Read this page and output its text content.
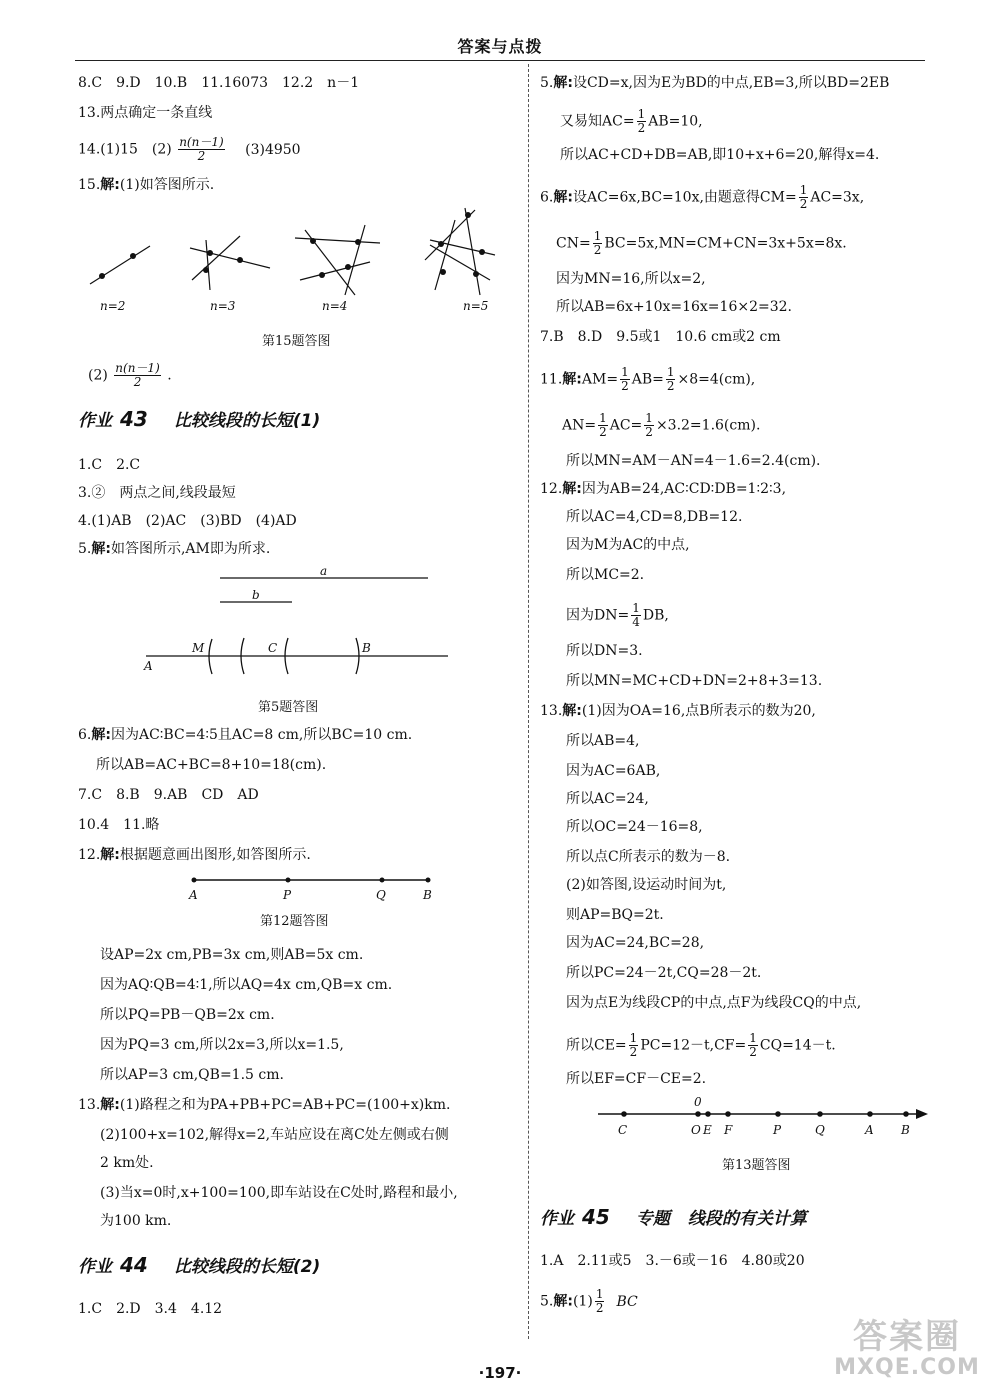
答案与点拨
8.C　9.D　10.B　11.16073　12.2　n－1
13.两点确定一条直线
14.(1)15　$(2) \frac{n(n-1)}{2} (3)4950$
15.解:(1)如答图所示.
n=2	n=3	n=4	n=5
第15题答图
$(2) \frac{n(n-1)}{2}$ .
作业 43 比较线段的长短(1)
1.C　2.C
3.②　两点之间,线段最短
4.(1)AB　(2)AC　(3)BD　(4)AD
5.解:如答图所示,AM即为所求.
a
b
A
M	C	B
第5题答图
6.解:因为AC∶BC=4∶5且AC=8 cm,所以BC=10 cm.
所以AB=AC+BC=8+10=18(cm).
7.C　8.B　9.AB　CD　AD
10.4　11.略
12.解:根据题意画出图形,如答图所示.
A	P	Q	B
第12题答图
设AP=2x cm,PB=3x cm,则AB=5x cm.
因为AQ∶QB=4∶1,所以AQ=4x cm,QB=x cm.
所以PQ=PB－QB=2x cm.
因为PQ=3 cm,所以2x=3,所以x=1.5,
所以AP=3 cm,QB=1.5 cm.
13.解:(1)路程之和为PA+PB+PC=AB+PC=(100+x)km.
(2)100+x=102,解得x=2,车站应设在离C处左侧或右侧
2 km处.
(3)当x=0时,x+100=100,即车站设在C处时,路程和最小,
为100 km.
作业 44 比较线段的长短(2)
1.C　2.D　3.4　4.12
5.解:设CD=x,因为E为BD的中点,EB=3,所以BD=2EB
又易知$AC= \frac{1}{2} AB=10$,
所以AC+CD+DB=AB,即10+x+6=20,解得x=4.
6.解:设AC=6x,BC=10x,由题意得$CM= \frac{1}{2} AC=3x$,
$CN= \frac{1}{2} BC=5x,MN=CM+CN=3x+5x=8x$.
因为MN=16,所以x=2,
所以AB=6x+10x=16x=16×2=32.
7.B　8.D　9.5或1　10.6 cm或2 cm
11.解:AM= $\frac{1}{2} AB= \frac{1}{2} \times 8=4(cm)$,
$AN= \frac{1}{2} AC= \frac{1}{2} \times 3.2=1.6(cm)$.
所以MN=AM－AN=4－1.6=2.4(cm).
12.解:因为AB=24,AC∶CD∶DB=1∶2∶3,
所以AC=4,CD=8,DB=12.
因为M为AC的中点,
所以MC=2.
因为$DN= \frac{1}{4}$ DB,
所以DN=3.
所以MN=MC+CD+DN=2+8+3=13.
13.解:(1)因为OA=16,点B所表示的数为20,
所以AB=4,
因为AC=6AB,
所以AC=24,
所以OC=24－16=8,
所以点C所表示的数为－8.
(2)如答图,设运动时间为t,
则AP=BQ=2t.
因为AC=24,BC=28,
所以PC=24－2t,CQ=28－2t.
因为点E为线段CP的中点,点F为线段CQ的中点,
所以$CE= \frac{1}{2} PC=12-t,CF= \frac{1}{2} CQ=14-t$.
所以EF=CF－CE=2.
0
C	O E F	P	Q	A B
第13题答图
作业 45 专题 线段的有关计算
1.A　2.11或5　3.－6或－16　4.80或20
5.解:(1) $\frac{1}{2}$ BC
·197·
答案圈
MXQE.COM
